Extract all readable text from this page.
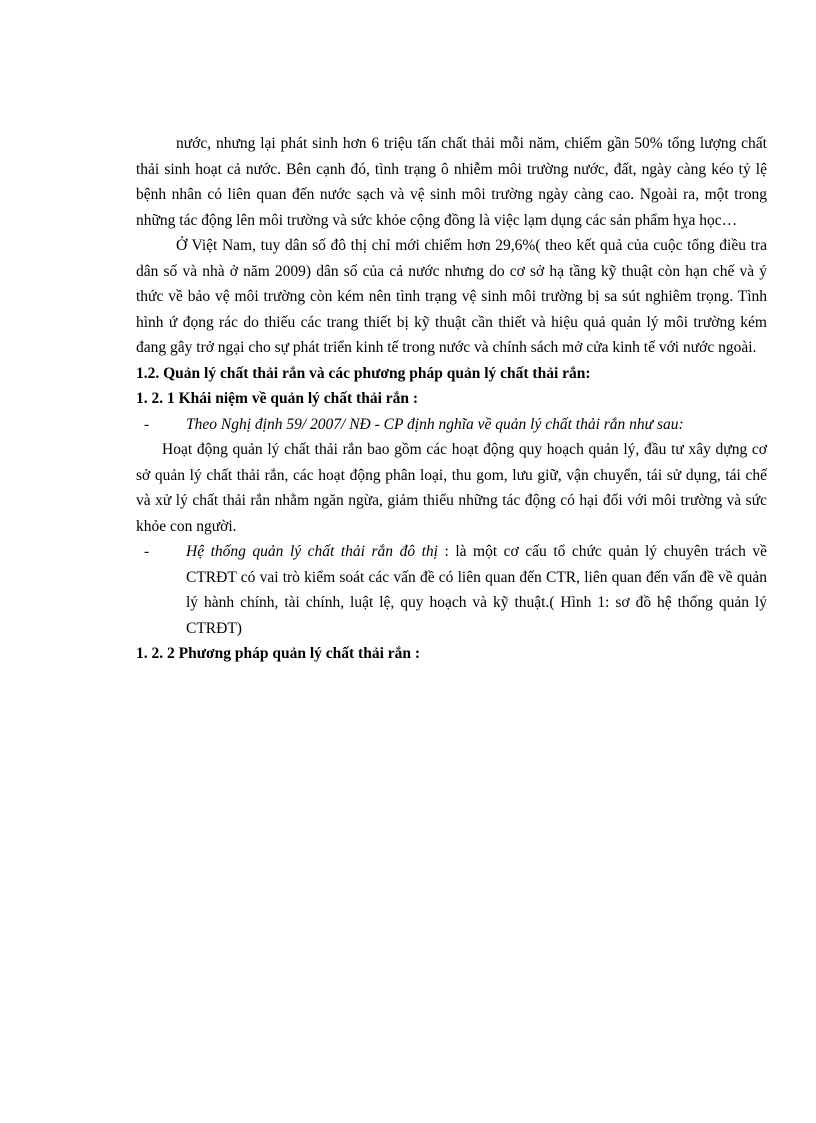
nước, nhưng lại phát sinh hơn 6 triệu tấn chất thải mỗi năm, chiếm gần 50% tổng lượng chất thải sinh hoạt cả nước. Bên cạnh đó, tình trạng ô nhiễm môi trường nước, đất, ngày càng kéo tỷ lệ bệnh nhân có liên quan đến nước sạch và vệ sinh môi trường ngày càng cao. Ngoài ra, một trong những tác động lên môi trường và sức khỏe cộng đồng là việc lạm dụng các sản phẩm hỵa học…

Ở Việt Nam, tuy dân số đô thị chỉ mới chiếm hơn 29,6%( theo kết quả của cuộc tổng điều tra dân số và nhà ở năm 2009) dân số của cả nước nhưng do cơ sở hạ tầng kỹ thuật còn hạn chế và ý thức về bảo vệ môi trường còn kém nên tình trạng vệ sinh môi trường bị sa sút nghiêm trọng. Tình hình ứ đọng rác do thiếu các trang thiết bị kỹ thuật cần thiết và hiệu quả quản lý môi trường kém đang gây trở ngại cho sự phát triển kinh tế trong nước và chính sách mở cửa kinh tế với nước ngoài.

1.2. Quản lý chất thải rắn và các phương pháp quản lý chất thải rắn:

1. 2. 1 Khái niệm về quản lý chất thải rắn :

-	Theo Nghị định 59/ 2007/ NĐ - CP định nghĩa về quản lý chất thải rắn như sau:

Hoạt động quản lý chất thải rắn bao gồm các hoạt động quy hoạch quản lý, đầu tư xây dựng cơ sở quản lý chất thải rắn, các hoạt động phân loại, thu gom, lưu giữ, vận chuyển, tái sử dụng, tái chế và xử lý chất thải rắn nhằm ngăn ngừa, giảm thiểu những tác động có hại đối với môi trường và sức khỏe con người.

-	Hệ thống quản lý chất thải rắn đô thị : là một cơ cấu tổ chức quản lý chuyên trách về CTRĐT có vai trò kiểm soát các vấn đề có liên quan đến CTR, liên quan đến vấn đề về quản lý hành chính, tài chính, luật lệ, quy hoạch và kỹ thuật.( Hình 1: sơ đồ hệ thống quản lý CTRĐT)

1. 2. 2 Phương pháp quản lý chất thải rắn :
